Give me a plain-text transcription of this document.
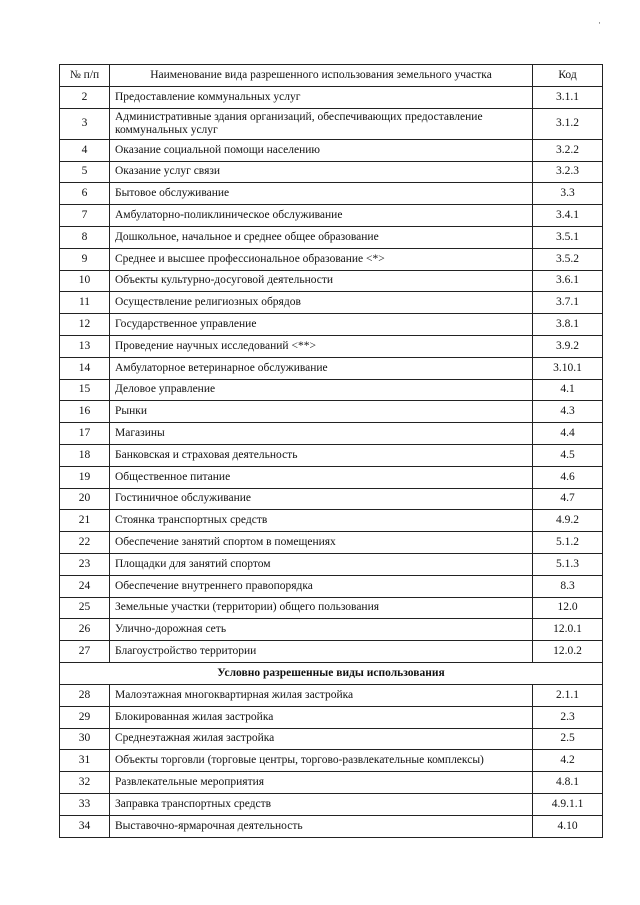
·
№ п/п	Наименование вида разрешенного использования земельного участка	Код
2	Предоставление коммунальных услуг	3.1.1
3	Административные здания организаций, обеспечивающих предоставление коммунальных услуг	3.1.2
4	Оказание социальной помощи населению	3.2.2
5	Оказание услуг связи	3.2.3
6	Бытовое обслуживание	3.3
7	Амбулаторно-поликлиническое обслуживание	3.4.1
8	Дошкольное, начальное и среднее общее образование	3.5.1
9	Среднее и высшее профессиональное образование <*>	3.5.2
10	Объекты культурно-досуговой деятельности	3.6.1
11	Осуществление религиозных обрядов	3.7.1
12	Государственное управление	3.8.1
13	Проведение научных исследований <**>	3.9.2
14	Амбулаторное ветеринарное обслуживание	3.10.1
15	Деловое управление	4.1
16	Рынки	4.3
17	Магазины	4.4
18	Банковская и страховая деятельность	4.5
19	Общественное питание	4.6
20	Гостиничное обслуживание	4.7
21	Стоянка транспортных средств	4.9.2
22	Обеспечение занятий спортом в помещениях	5.1.2
23	Площадки для занятий спортом	5.1.3
24	Обеспечение внутреннего правопорядка	8.3
25	Земельные участки (территории) общего пользования	12.0
26	Улично-дорожная сеть	12.0.1
27	Благоустройство территории	12.0.2
Условно разрешенные виды использования		
28	Малоэтажная многоквартирная жилая застройка	2.1.1
29	Блокированная жилая застройка	2.3
30	Среднеэтажная жилая застройка	2.5
31	Объекты торговли (торговые центры, торгово-развлекательные комплексы)	4.2
32	Развлекательные мероприятия	4.8.1
33	Заправка транспортных средств	4.9.1.1
34	Выставочно-ярмарочная деятельность	4.10
